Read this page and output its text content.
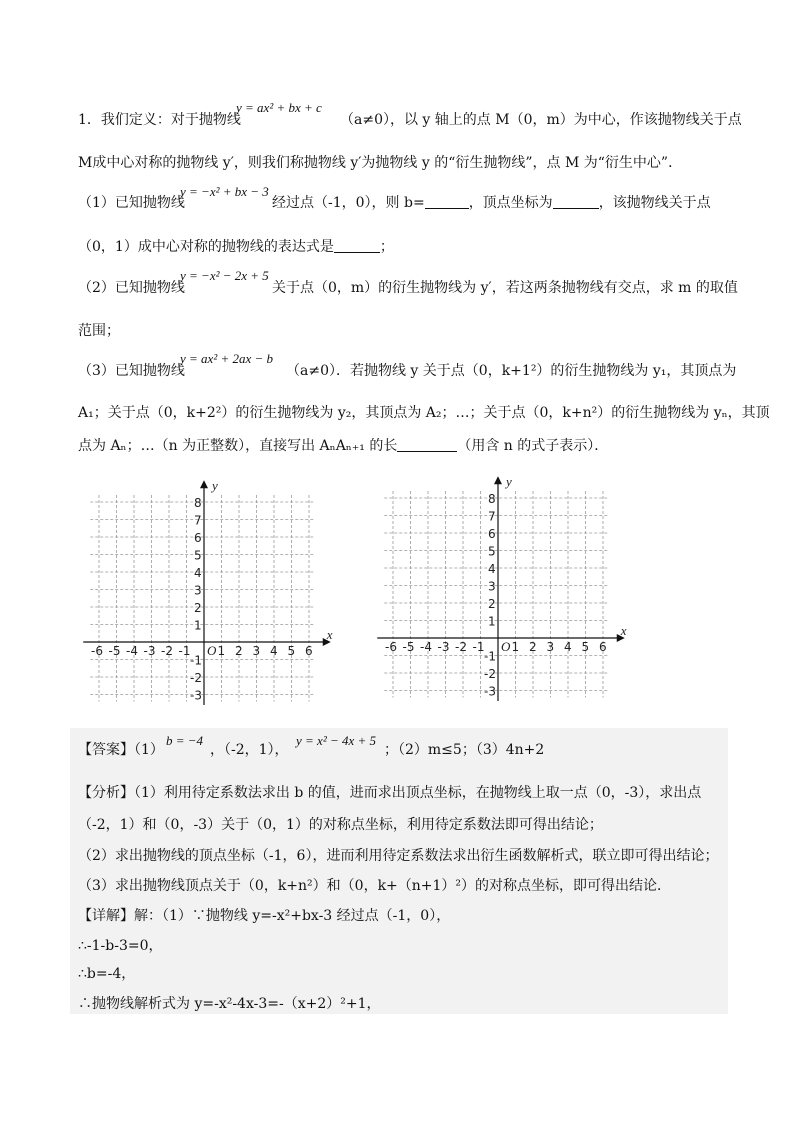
1．我们定义：对于抛物线
y = ax² + bx + c
（a≠0），以 y 轴上的点 M（0，m）为中心，作该抛物线关于点
M成中心对称的抛物线 y′，则我们称抛物线 y′为抛物线 y 的“衍生抛物线”，点 M 为“衍生中心”．
（1）已知抛物线
y = −x² + bx − 3
经过点（-1，0），则 b=	，顶点坐标为	，该抛物线关于点
（0，1）成中心对称的抛物线的表达式是	；
（2）已知抛物线
y = −x² − 2x + 5
关于点（0，m）的衍生抛物线为 y′，若这两条抛物线有交点，求 m 的取值
范围；
（3）已知抛物线
y = ax² + 2ax − b
（a≠0）．若抛物线 y 关于点（0，k+1²）的衍生抛物线为 y₁，其顶点为
A₁；关于点（0，k+2²）的衍生抛物线为 y₂，其顶点为 A₂；…；关于点（0，k+n²）的衍生抛物线为 yₙ，其顶
点为 Aₙ；…（n 为正整数），直接写出 AₙAₙ₊₁ 的长	（用含 n 的式子表示）．
-6 -5 -4 -3 -2 -1 1 2 3 4 5 6
8
7
6
5
4
3
2
1
-1
-2
-3
O
x
y
-6 -5 -4 -3 -2 -1 1 2 3 4 5 6
8
7
6
5
4
3
2
1
-1
-2
-3
O
x
y
【答案】（1）
b = −4
，（-2，1），
y = x² − 4x + 5
；（2）m≤5；（3）4n+2
【分析】（1）利用待定系数法求出 b 的值，进而求出顶点坐标，在抛物线上取一点（0，-3），求出点
（-2，1）和（0，-3）关于（0，1）的对称点坐标，利用待定系数法即可得出结论；
（2）求出抛物线的顶点坐标（-1，6），进而利用待定系数法求出衍生函数解析式，联立即可得出结论；
（3）求出抛物线顶点关于（0，k+n²）和（0，k+（n+1）²）的对称点坐标，即可得出结论．
【详解】解：（1）∵抛物线 y=-x²+bx-3 经过点（-1，0），
∴-1-b-3=0，
∴b=-4，
∴抛物线解析式为 y=-x²-4x-3=-（x+2）²+1，
